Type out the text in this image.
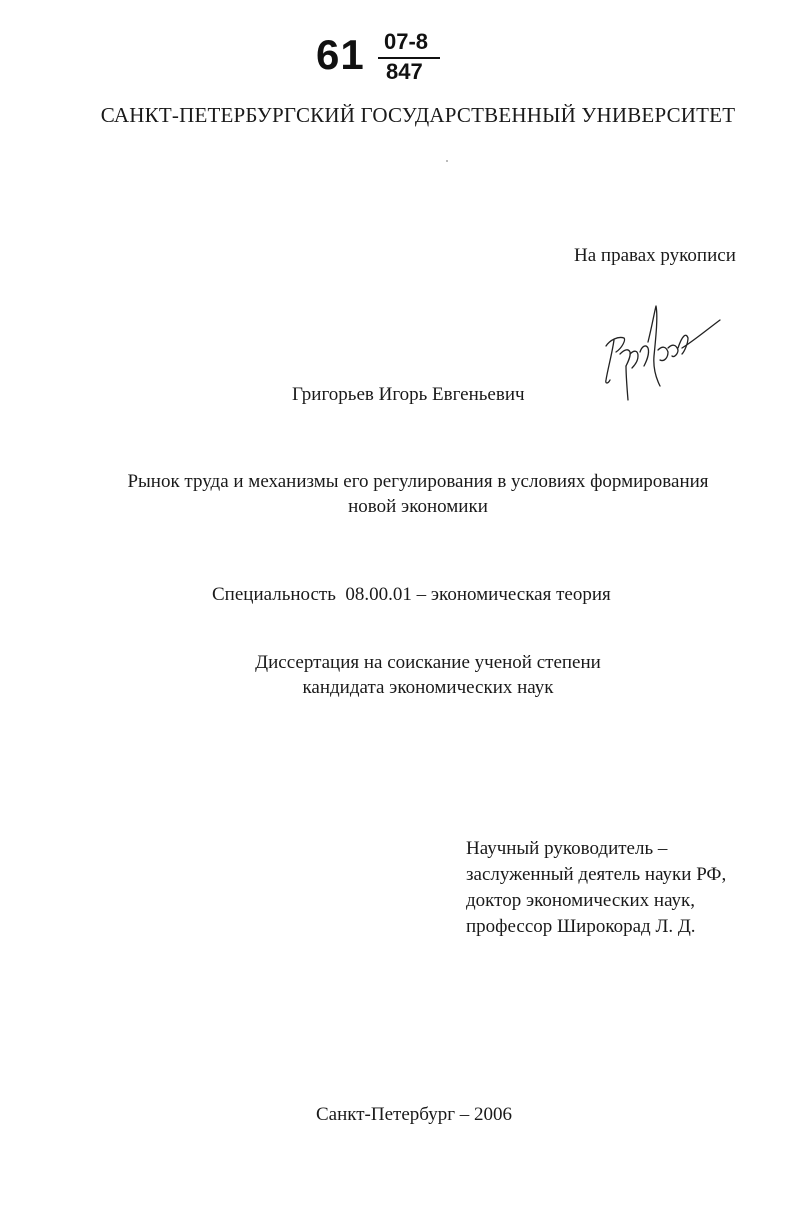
61 07-8
847
САНКТ-ПЕТЕРБУРГСКИЙ ГОСУДАРСТВЕННЫЙ УНИВЕРСИТЕТ
На правах рукописи
Григорьев Игорь Евгеньевич
Рынок труда и механизмы его регулирования в условиях формирования
новой экономики
Специальность  08.00.01 – экономическая теория
Диссертация на соискание ученой степени
кандидата экономических наук
Научный руководитель –
заслуженный деятель науки РФ,
доктор экономических наук,
профессор Широкорад Л. Д.
Санкт-Петербург – 2006
